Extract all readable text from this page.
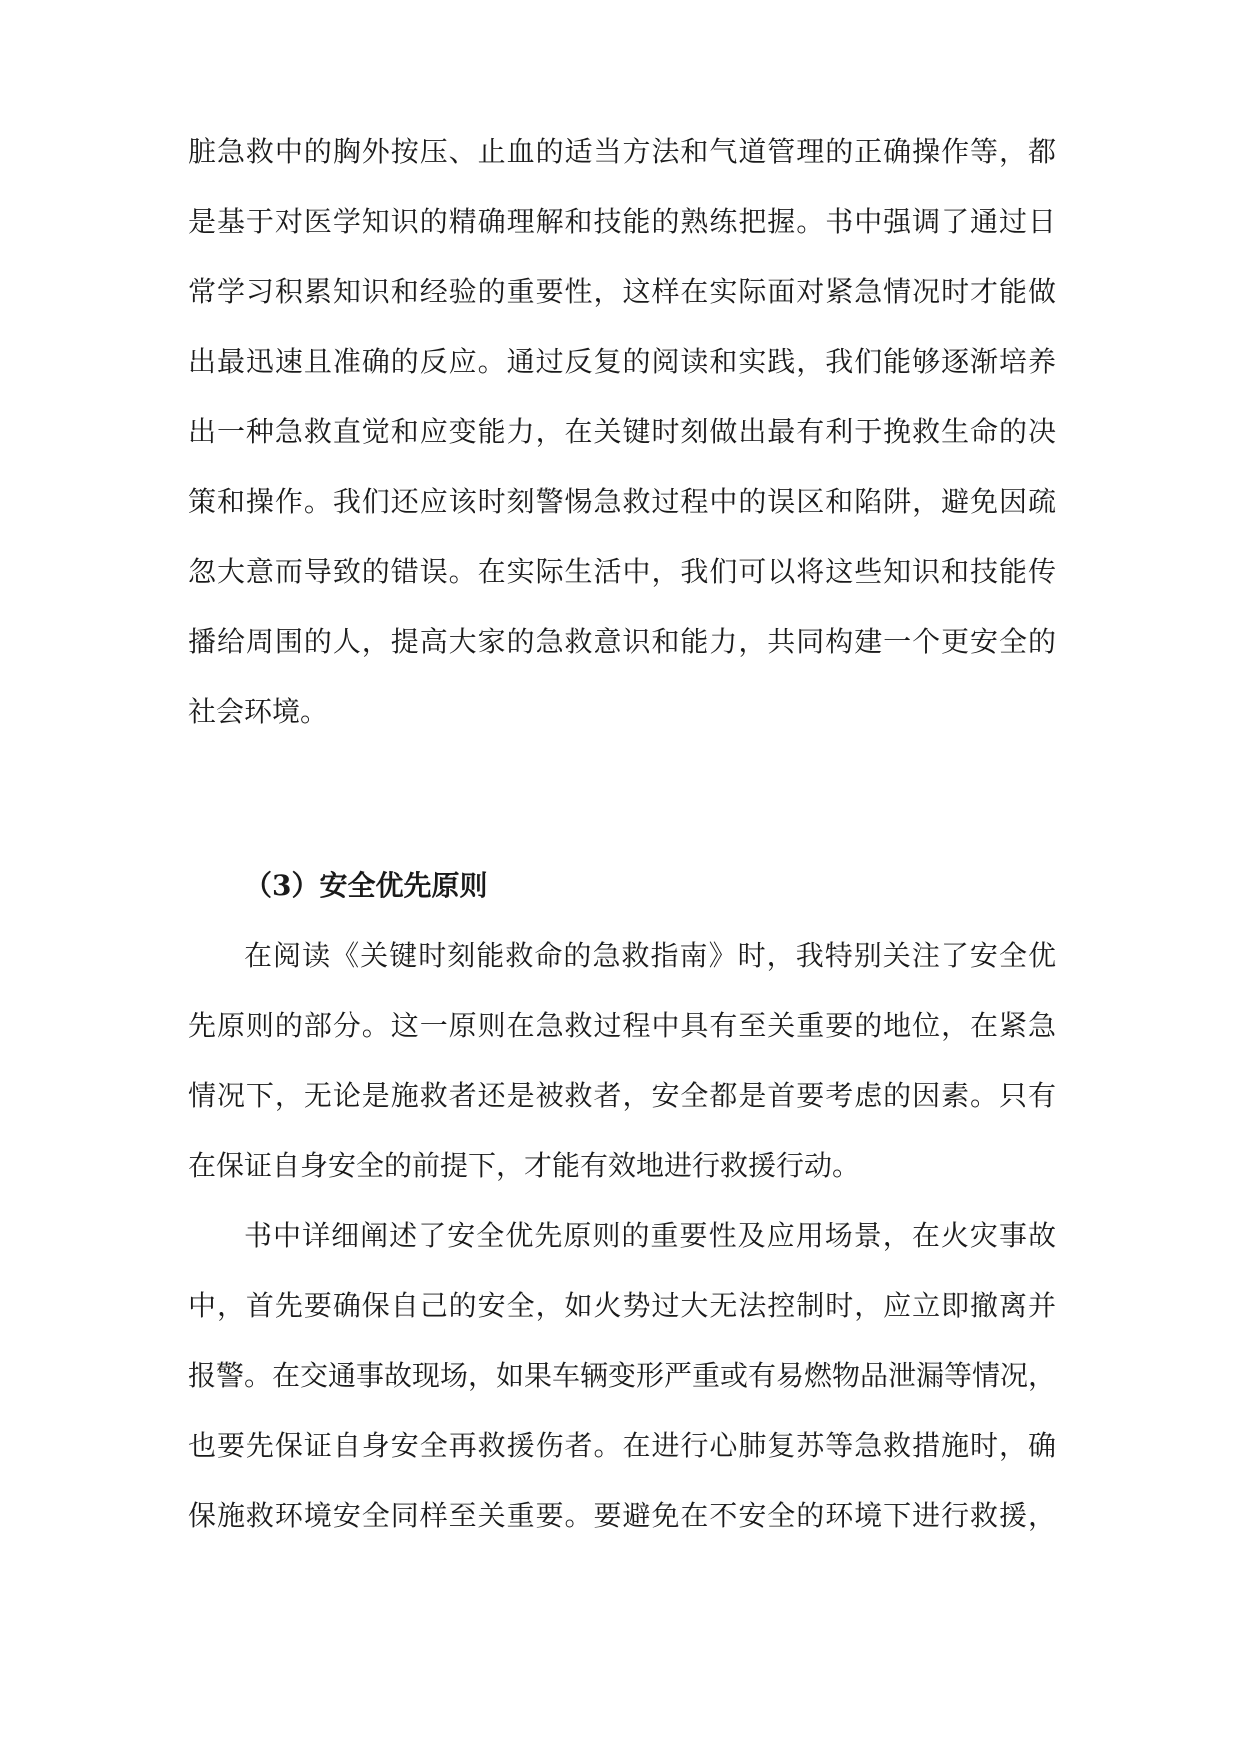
脏急救中的胸外按压、止血的适当方法和气道管理的正确操作等，都
是基于对医学知识的精确理解和技能的熟练把握。书中强调了通过日
常学习积累知识和经验的重要性，这样在实际面对紧急情况时才能做
出最迅速且准确的反应。通过反复的阅读和实践，我们能够逐渐培养
出一种急救直觉和应变能力，在关键时刻做出最有利于挽救生命的决
策和操作。我们还应该时刻警惕急救过程中的误区和陷阱，避免因疏
忽大意而导致的错误。在实际生活中，我们可以将这些知识和技能传
播给周围的人，提高大家的急救意识和能力，共同构建一个更安全的
社会环境。
（3）安全优先原则
在阅读《关键时刻能救命的急救指南》时，我特别关注了安全优
先原则的部分。这一原则在急救过程中具有至关重要的地位，在紧急
情况下，无论是施救者还是被救者，安全都是首要考虑的因素。只有
在保证自身安全的前提下，才能有效地进行救援行动。
书中详细阐述了安全优先原则的重要性及应用场景，在火灾事故
中，首先要确保自己的安全，如火势过大无法控制时，应立即撤离并
报警。在交通事故现场，如果车辆变形严重或有易燃物品泄漏等情况，
也要先保证自身安全再救援伤者。在进行心肺复苏等急救措施时，确
保施救环境安全同样至关重要。要避免在不安全的环境下进行救援，
